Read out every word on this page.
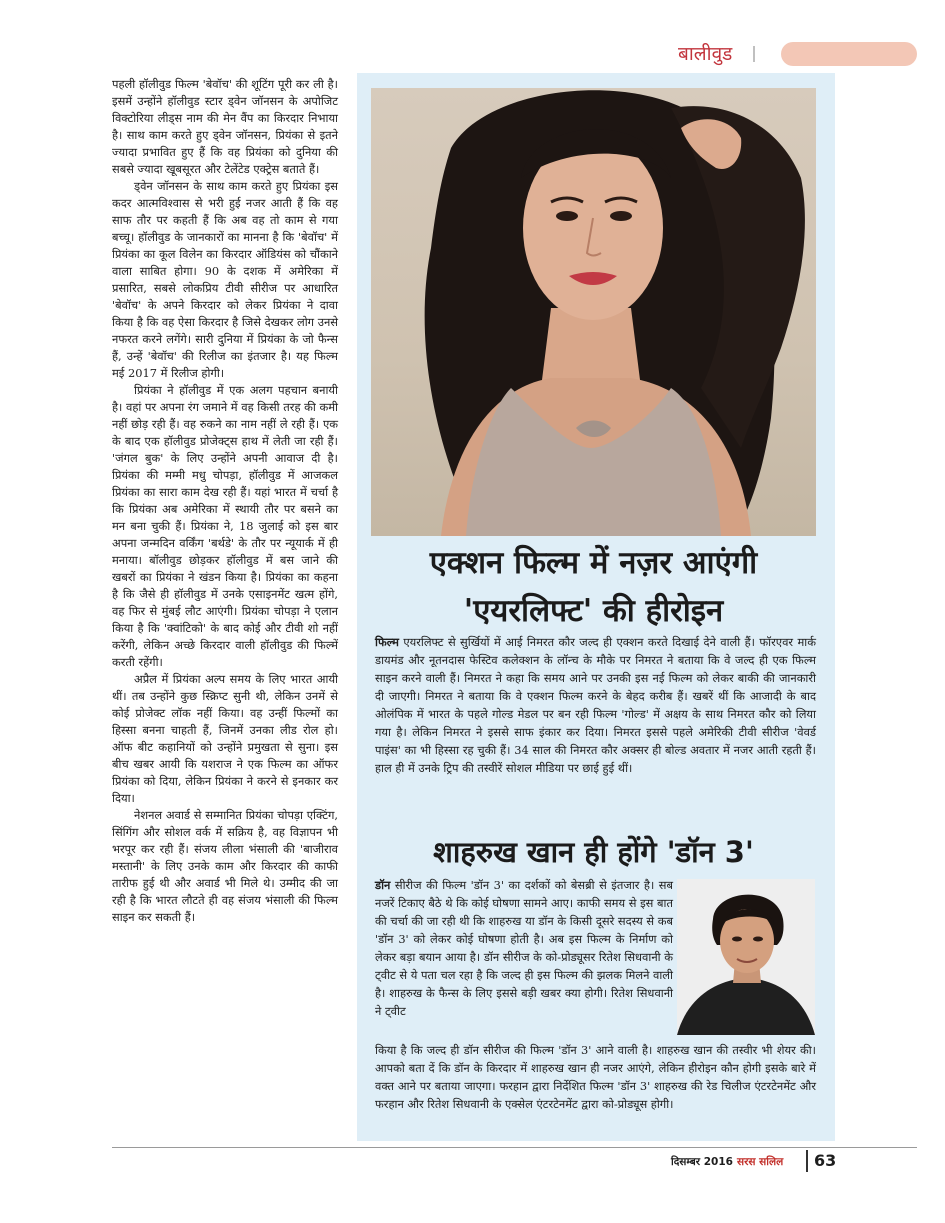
बालीवुड

पहली हॉलीवुड फिल्म 'बेवॉच' की शूटिंग पूरी कर ली है। इसमें उन्होंने हॉलीवुड स्टार ड्वेन जॉनसन के अपोजिट विक्टोरिया लीड्स नाम की मेन वैंप का किरदार निभाया है। साथ काम करते हुए ड्वेन जॉनसन, प्रियंका से इतने ज्यादा प्रभावित हुए हैं कि वह प्रियंका को दुनिया की सबसे ज्यादा खूबसूरत और टेलेंटेड एक्ट्रेस बताते हैं।

ड्वेन जॉनसन के साथ काम करते हुए प्रियंका इस कदर आत्मविश्वास से भरी हुई नजर आती हैं कि वह साफ तौर पर कहती हैं कि अब वह तो काम से गया बच्चू। हॉलीवुड के जानकारों का मानना है कि 'बेवॉच' में प्रियंका का कूल विलेन का किरदार ऑडियंस को चौंकाने वाला साबित होगा। 90 के दशक में अमेरिका में प्रसारित, सबसे लोकप्रिय टीवी सीरीज पर आधारित 'बेवॉच' के अपने किरदार को लेकर प्रियंका ने दावा किया है कि वह ऐसा किरदार है जिसे देखकर लोग उनसे नफरत करने लगेंगे। सारी दुनिया में प्रियंका के जो फैन्स हैं, उन्हें 'बेवॉच' की रिलीज का इंतजार है। यह फिल्म मई 2017 में रिलीज होगी।

प्रियंका ने हॉलीवुड में एक अलग पहचान बनायी है। वहां पर अपना रंग जमाने में वह किसी तरह की कमी नहीं छोड़ रही हैं। वह रुकने का नाम नहीं ले रही हैं। एक के बाद एक हॉलीवुड प्रोजेक्ट्स हाथ में लेती जा रही हैं। 'जंगल बुक' के लिए उन्होंने अपनी आवाज दी है। प्रियंका की मम्मी मधु चोपड़ा, हॉलीवुड में आजकल प्रियंका का सारा काम देख रही हैं। यहां भारत में चर्चा है कि प्रियंका अब अमेरिका में स्थायी तौर पर बसने का मन बना चुकी हैं। प्रियंका ने, 18 जुलाई को इस बार अपना जन्मदिन वर्किंग 'बर्थडे' के तौर पर न्यूयार्क में ही मनाया। बॉलीवुड छोड़कर हॉलीवुड में बस जाने की खबरों का प्रियंका ने खंडन किया है। प्रियंका का कहना है कि जैसे ही हॉलीवुड में उनके एसाइनमेंट खत्म होंगे, वह फिर से मुंबई लौट आएंगी। प्रियंका चोपड़ा ने एलान किया है कि 'क्वांटिको' के बाद कोई और टीवी शो नहीं करेंगी, लेकिन अच्छे किरदार वाली हॉलीवुड की फिल्में करती रहेंगी।

अप्रैल में प्रियंका अल्प समय के लिए भारत आयी थीं। तब उन्होंने कुछ स्क्रिप्ट सुनी थी, लेकिन उनमें से कोई प्रोजेक्ट लॉक नहीं किया। वह उन्हीं फिल्मों का हिस्सा बनना चाहती हैं, जिनमें उनका लीड रोल हो। ऑफ बीट कहानियों को उन्होंने प्रमुखता से सुना। इस बीच खबर आयी कि यशराज ने एक फिल्म का ऑफर प्रियंका को दिया, लेकिन प्रियंका ने करने से इनकार कर दिया।

नेशनल अवार्ड से सम्मानित प्रियंका चोपड़ा एक्टिंग, सिंगिंग और सोशल वर्क में सक्रिय है, वह विज्ञापन भी भरपूर कर रही हैं। संजय लीला भंसाली की 'बाजीराव मस्तानी' के लिए उनके काम और किरदार की काफी तारीफ हुई थी और अवार्ड भी मिले थे। उम्मीद की जा रही है कि भारत लौटते ही वह संजय भंसाली की फिल्म साइन कर सकती हैं।

एक्शन फिल्म में नज़र आएंगी
'एयरलिफ्ट' की हीरोइन

फिल्म एयरलिफ्ट से सुर्खियों में आई निमरत कौर जल्द ही एक्शन करते दिखाई देने वाली हैं। फॉरएवर मार्क डायमंड और नूतनदास फेस्टिव कलेक्शन के लॉन्च के मौके पर निमरत ने बताया कि वे जल्द ही एक फिल्म साइन करने वाली हैं। निमरत ने कहा कि समय आने पर उनकी इस नई फिल्म को लेकर बाकी की जानकारी दी जाएगी। निमरत ने बताया कि वे एक्शन फिल्म करने के बेहद करीब हैं। खबरें थीं कि आजादी के बाद ओलंपिक में भारत के पहले गोल्ड मेडल पर बन रही फिल्म 'गोल्ड' में अक्षय के साथ निमरत कौर को लिया गया है। लेकिन निमरत ने इससे साफ इंकार कर दिया। निमरत इससे पहले अमेरिकी टीवी सीरीज 'वेवर्ड पाइंस' का भी हिस्सा रह चुकी हैं। 34 साल की निमरत कौर अक्सर ही बोल्ड अवतार में नजर आती रहती हैं। हाल ही में उनके ट्रिप की तस्वीरें सोशल मीडिया पर छाई हुई थीं।

शाहरुख खान ही होंगे 'डॉन 3'

डॉन सीरीज की फिल्म 'डॉन 3' का दर्शकों को बेसब्री से इंतजार है। सब नजरें टिकाए बैठे थे कि कोई घोषणा सामने आए। काफी समय से इस बात की चर्चा की जा रही थी कि शाहरुख या डॉन के किसी दूसरे सदस्य से कब 'डॉन 3' को लेकर कोई घोषणा होती है। अब इस फिल्म के निर्माण को लेकर बड़ा बयान आया है। डॉन सीरीज के को-प्रोड्यूसर रितेश सिधवानी के ट्वीट से ये पता चल रहा है कि जल्द ही इस फिल्म की झलक मिलने वाली है। शाहरुख के फैन्स के लिए इससे बड़ी खबर क्या होगी। रितेश सिधवानी ने ट्वीट

किया है कि जल्द ही डॉन सीरीज की फिल्म 'डॉन 3' आने वाली है। शाहरुख खान की तस्वीर भी शेयर की। आपको बता दें कि डॉन के किरदार में शाहरुख खान ही नजर आएंगे, लेकिन हीरोइन कौन होगी इसके बारे में वक्त आने पर बताया जाएगा। फरहान द्वारा निर्देशित फिल्म 'डॉन 3' शाहरुख की रेड चिलीज एंटरटेनमेंट और फरहान और रितेश सिधवानी के एक्सेल एंटरटेनमेंट द्वारा को-प्रोड्यूस होगी।

दिसम्बर 2016 सरस सलिल 63
